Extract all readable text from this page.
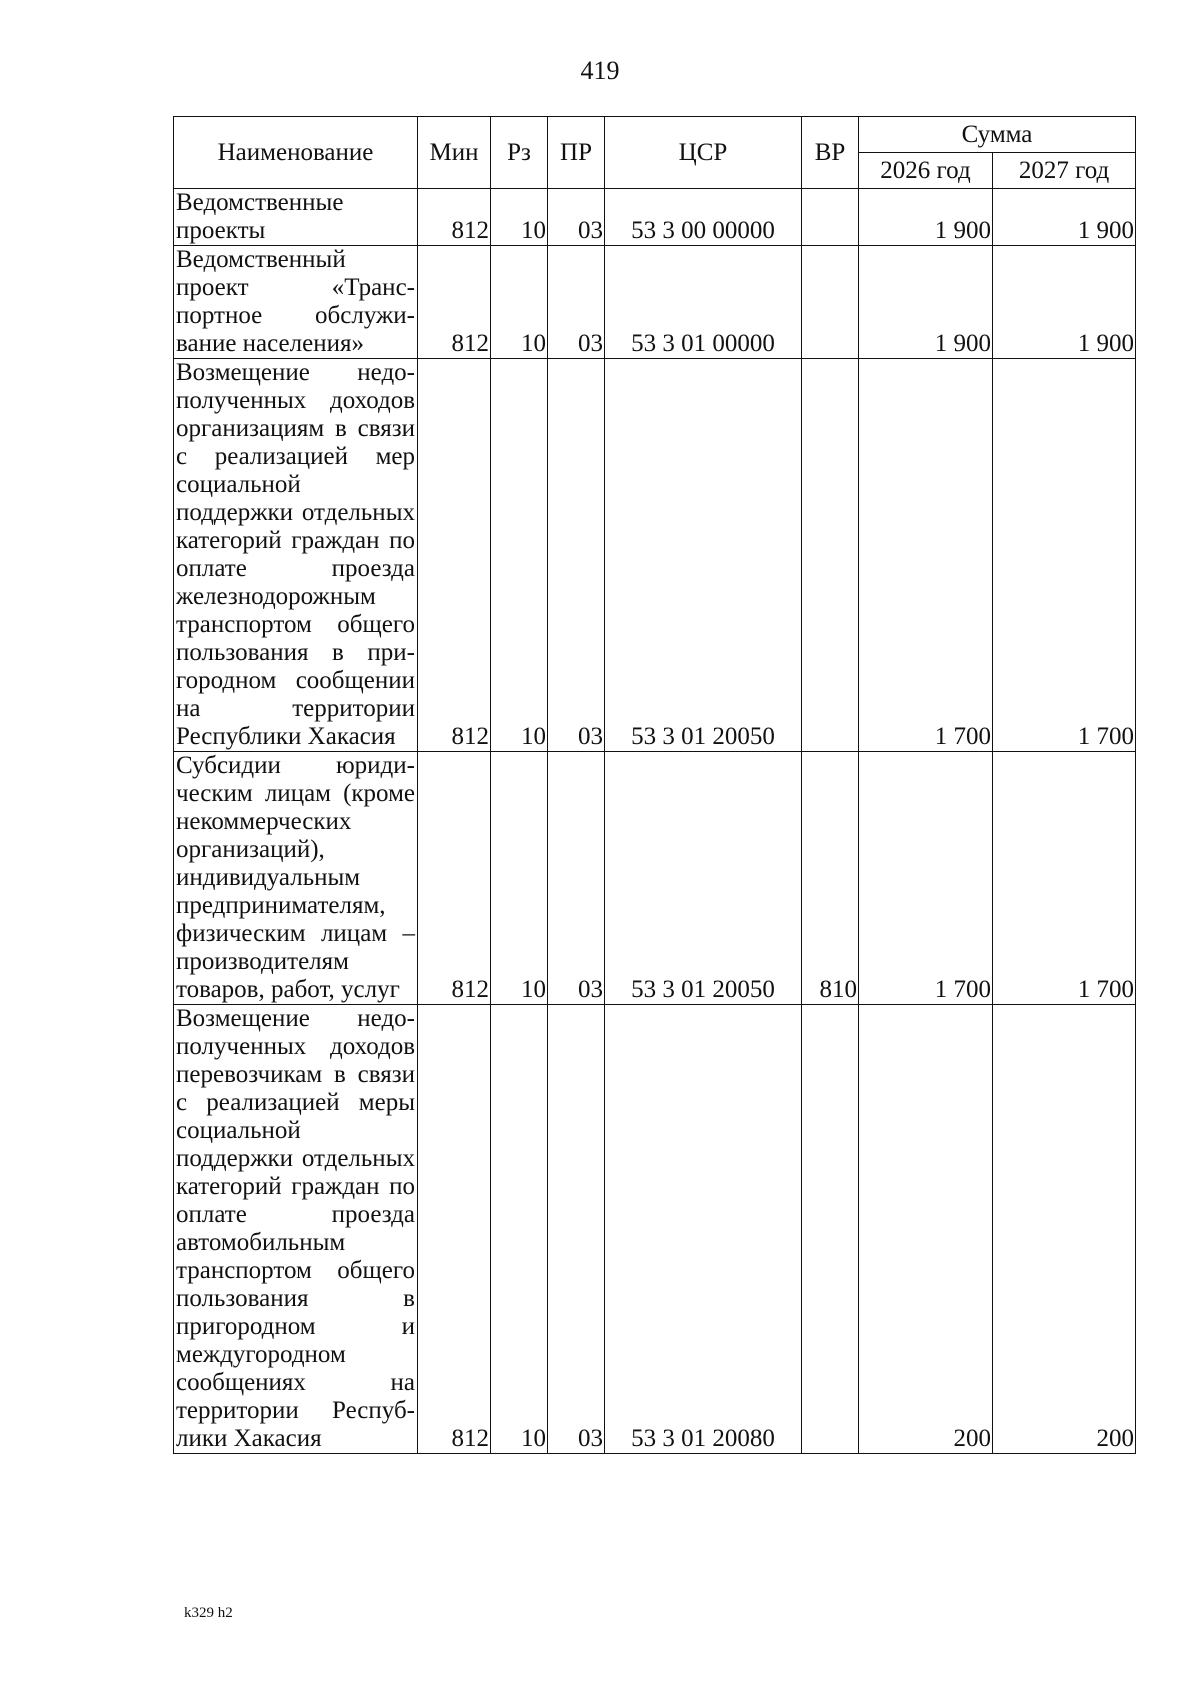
419
Наименование	Мин	Рз	ПР	ЦСР	ВР	Сумма	
						2026 год	2027 год
Ведомственные проекты	812	10	03	53 3 00 00000		1 900	1 900
Ведомственный проект «Транспортное обслуживание населения»	812	10	03	53 3 01 00000		1 900	1 900
Возмещение недополученных доходов организациям в связи с реализацией мер социальной поддержки отдельных категорий граждан по оплате проезда железнодорожным транспортом общего пользования в пригородном сообщении на территории Республики Хакасия	812	10	03	53 3 01 20050		1 700	1 700
Субсидии юридическим лицам (кроме некоммерческих организаций), индивидуальным предпринимателям, физическим лицам – производителям товаров, работ, услуг	812	10	03	53 3 01 20050	810	1 700	1 700
Возмещение недополученных доходов перевозчикам в связи с реализацией меры социальной поддержки отдельных категорий граждан по оплате проезда автомобильным транспортом общего пользования в пригородном и междугородном сообщениях на территории Республики Хакасия	812	10	03	53 3 01 20080		200	200
k329 h2
